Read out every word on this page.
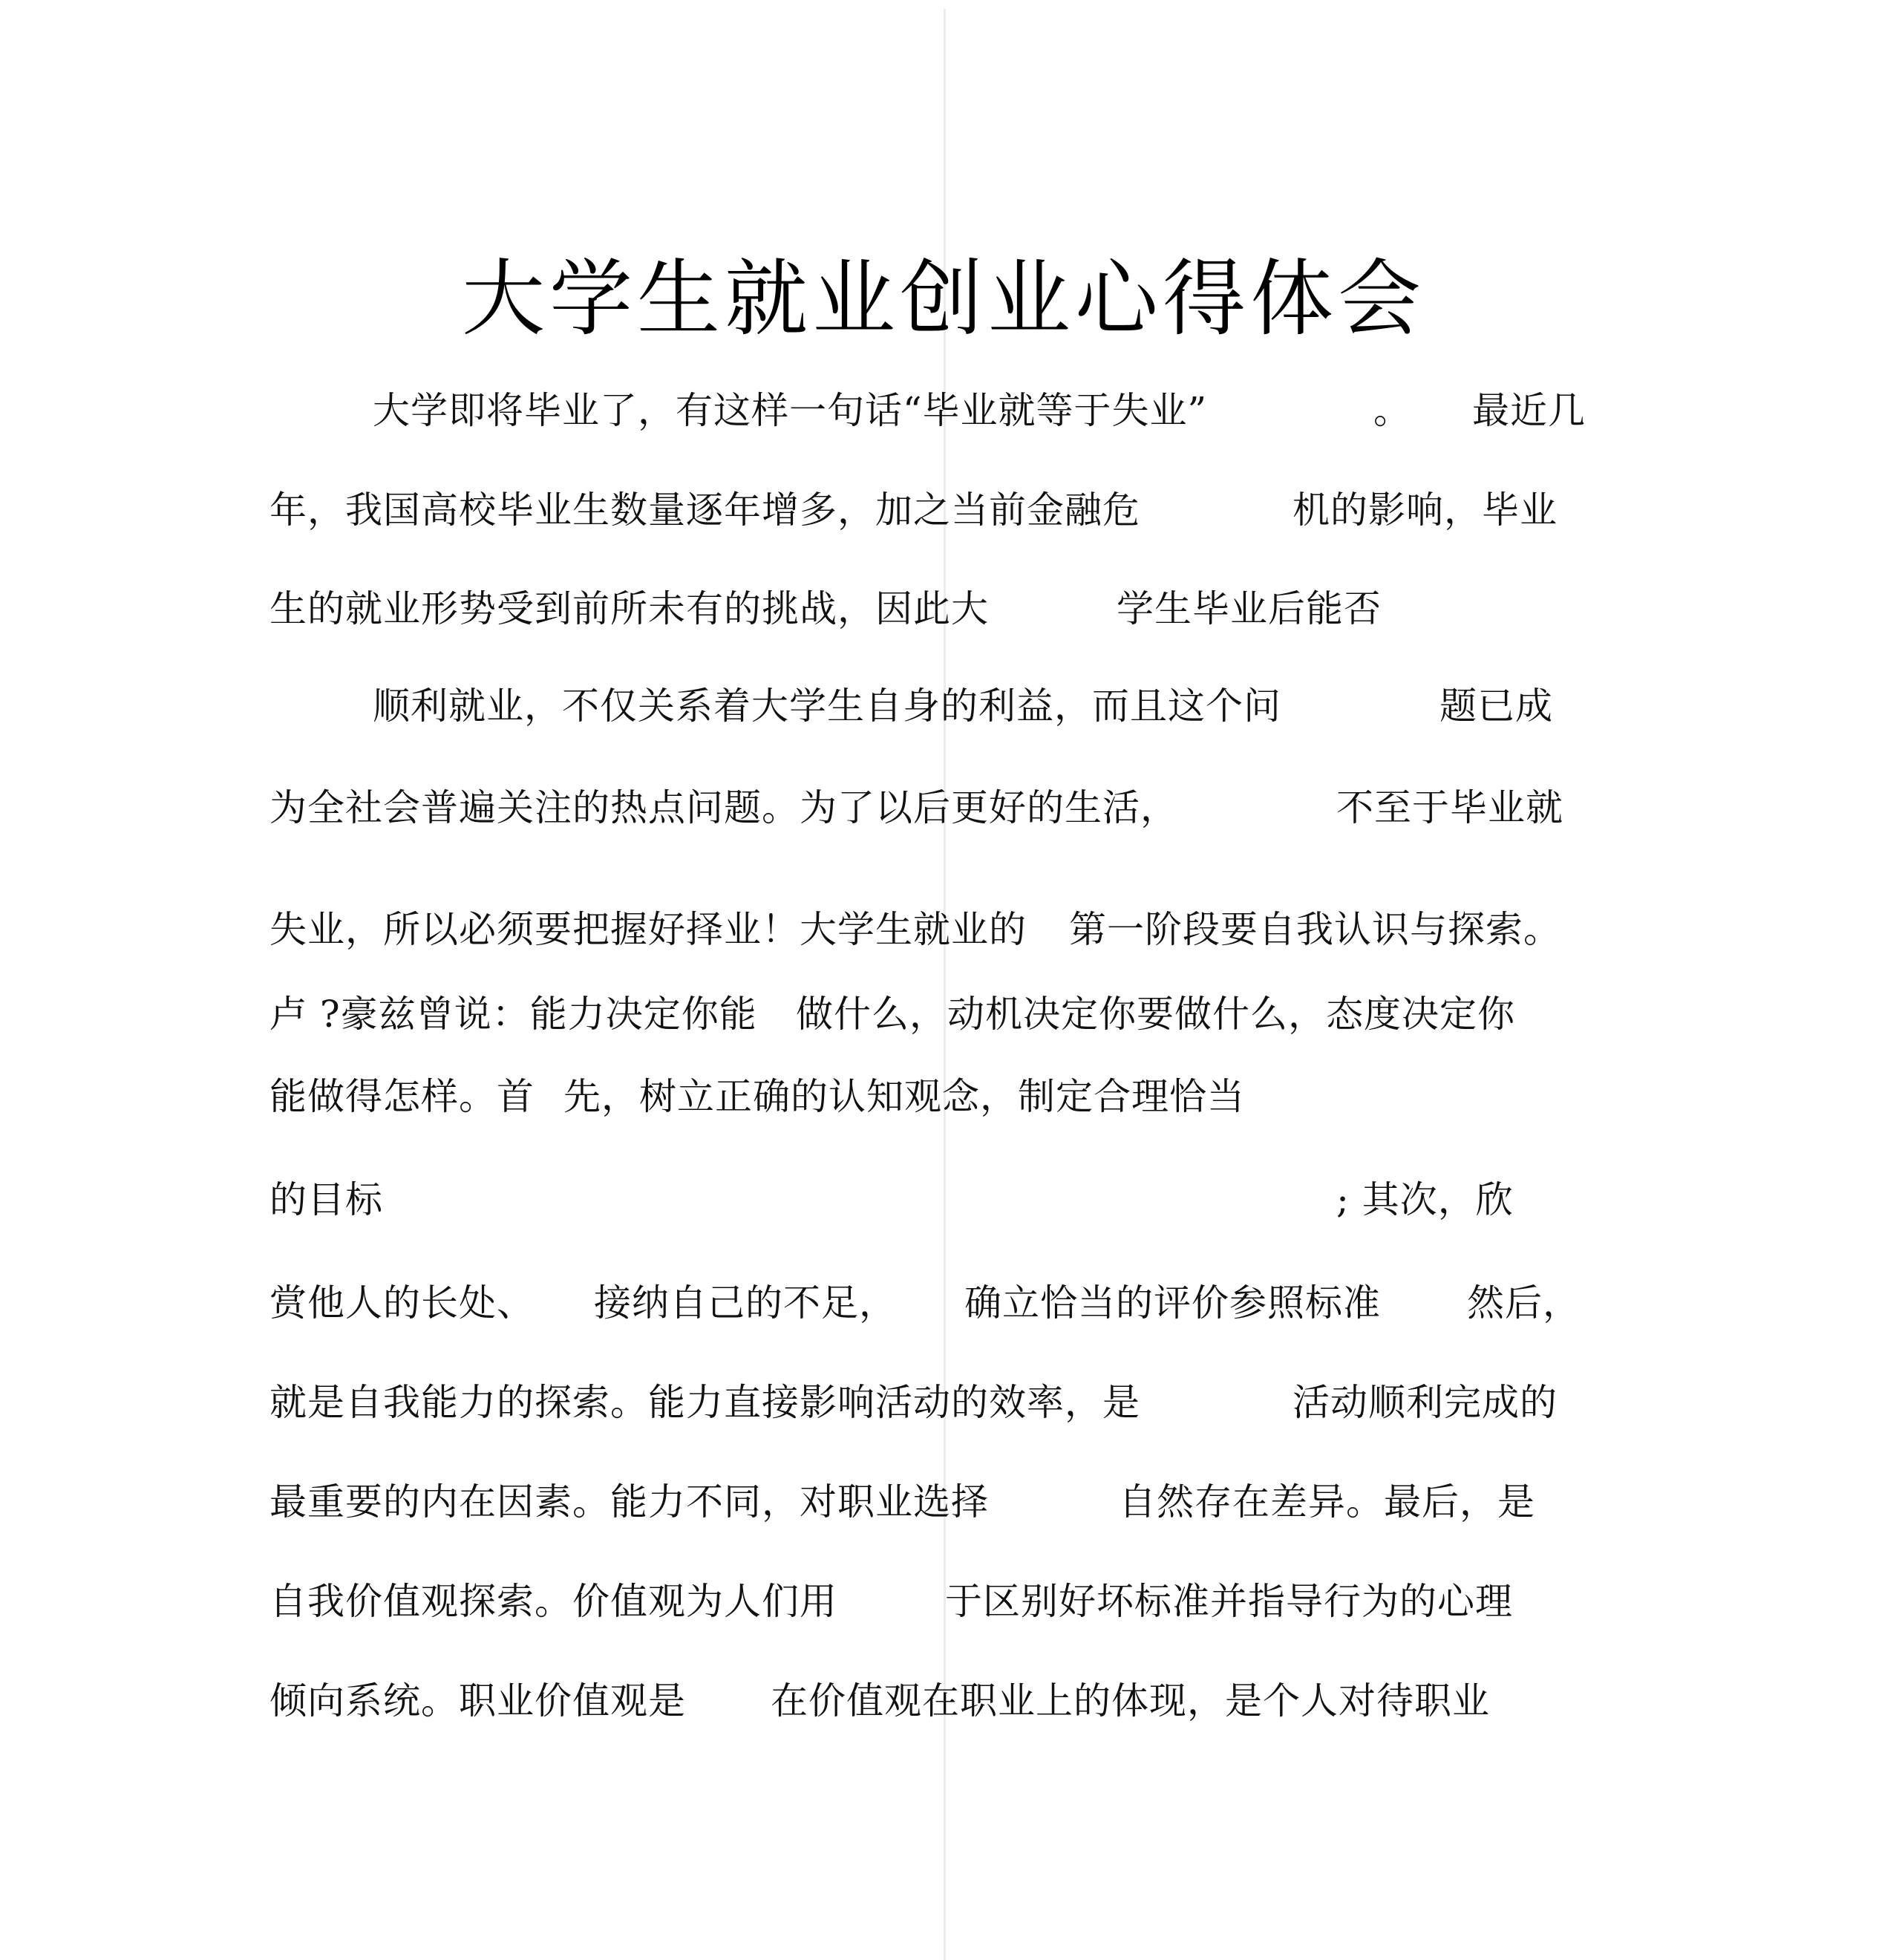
大学生就业创业心得体会
大学即将毕业了，有这样一句话“毕业就等于失业”	。 最近几
年，我国高校毕业生数量逐年增多，加之当前金融危	机的影响，毕业
生的就业形势受到前所未有的挑战，因此大	学生毕业后能否
顺利就业，不仅关系着大学生自身的利益，而且这个问	题已成
为全社会普遍关注的热点问题。为了以后更好的生活，	不至于毕业就
失业，所以必须要把握好择业！大学生就业的 第一阶段要自我认识与探索。
卢 ?豪兹曾说：能力决定你能 做什么，动机决定你要做什么，态度决定你
能做得怎样。首 先，树立正确的认知观念，制定合理恰当
的目标	; 其次，欣
赏他人的长处、 接纳自己的不足， 确立恰当的评价参照标准 然后，
就是自我能力的探索。能力直接影响活动的效率，是	活动顺利完成的
最重要的内在因素。能力不同，对职业选择	自然存在差异。最后，是
自我价值观探索。价值观为人们用	于区别好坏标准并指导行为的心理
倾向系统。职业价值观是 在价值观在职业上的体现，是个人对待职业
